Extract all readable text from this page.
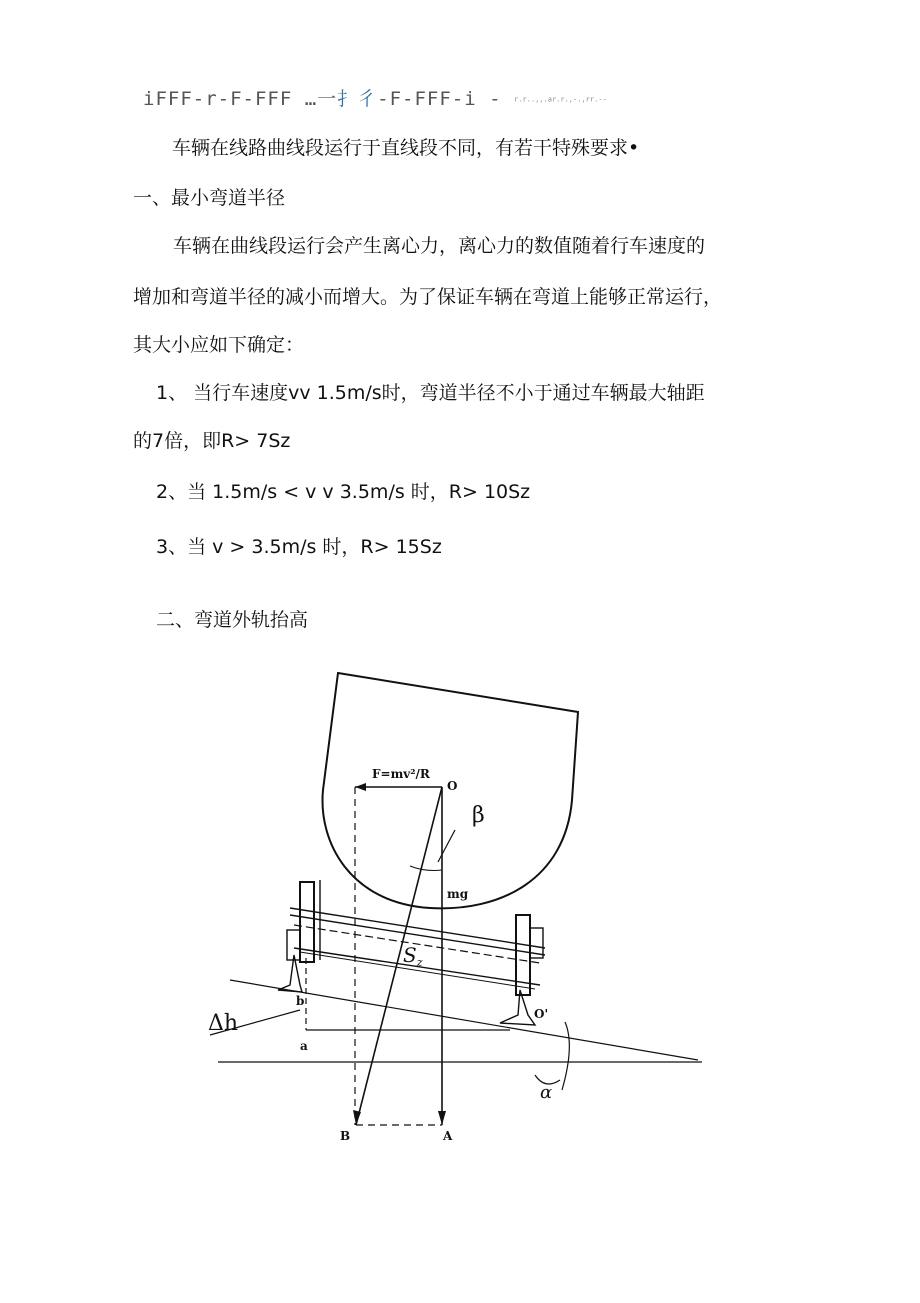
iFFF-r-F-FFF …一扌彳-F-FFF-i - r.r..,,.ar.r.,-.,rr.--
车辆在线路曲线段运行于直线段不同，有若干特殊要求•
一、最小弯道半径
车辆在曲线段运行会产生离心力，离心力的数值随着行车速度的
增加和弯道半径的减小而增大。为了保证车辆在弯道上能够正常运行，
其大小应如下确定：
1、 当行车速度vv 1.5m/s时，弯道半径不小于通过车辆最大轴距
的7倍，即R> 7Sz
2、当 1.5m/s < v v 3.5m/s 时，R> 10Sz
3、当 v > 3.5m/s 时，R> 15Sz
二、弯道外轨抬高
F=mv²/R
O
mg
b
a
O'
B	A
β
$S_z$
Δh
α
